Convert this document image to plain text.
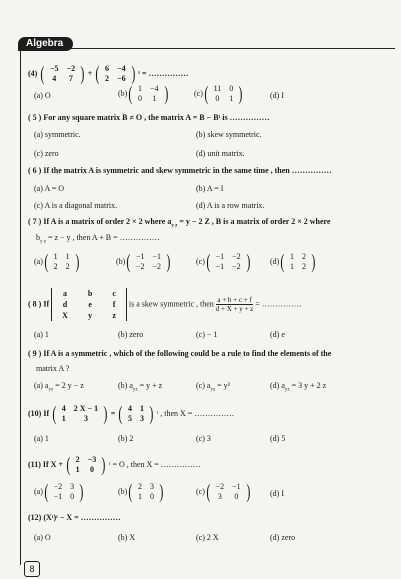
Algebra
(4) ( −5	−2
4	7 ) + ( 6	−4
2	−6 ) ᵗ = ……………
(a) O	(b) ( 1	−4
0	1 )	(c) ( 11	0
0	1 )	(d) I
( 5 ) For any square matrix B ≠ O , the matrix A = B − Bᵗ is ……………
(a) symmetric.	(b) skew symmetric.
(c) zero	(d) unit matrix.
( 6 ) If the matrix A is symmetric and skew symmetric in the same time , then ……………
(a) A = O	(b) A = I
(c) A is a diagonal matrix.	(d) A is a row matrix.
( 7 ) If A is a matrix of order 2 × 2 where $a_{y z} = y - 2$ Z , B is a matrix of order 2 × 2 where
$b_{y z} = z - y$ , then A + B = ……………
(a) ( 1	1
2	2 )	(b) ( −1	−1
−2	−2 )	(c) ( −1	−2
−1	−2 )	(d) ( 1	2
1	2 )
( 8 ) If
a	b	c
d	e	f
X	y	z
is a skew symmetric , then $\frac{a + b + c + f}{d + X + y + z}$ = ……………
(a) 1	(b) zero	(c) − 1	(d) e
( 9 ) If A is a symmetric , which of the following could be a rule to find the elements of the
matrix A ?
(a) $a_{yz} = 2$ y − z	(b) $a_{yz} = y + z$	(c) $a_{yz} = y^2$	(d) $a_{yz} = 3$ y + 2 z
(10) If ( 4	2 X − 1
1	3 ) = ( 4	1
5	3 ) ᵗ , then X = ……………
(a) 1	(b) 2	(c) 3	(d) 5
(11) If X + ( 2	−3
1	0 ) ᵗ = O , then X = ……………
(a) ( −2	3
−1	0 )	(b) ( 2	3
1	0 )	(c) ( −2	−1
3	0 )	(d) I
(12) (Xᵗ)ᵗ − X = ……………
(a) O	(b) X	(c) 2 X	(d) zero
8
